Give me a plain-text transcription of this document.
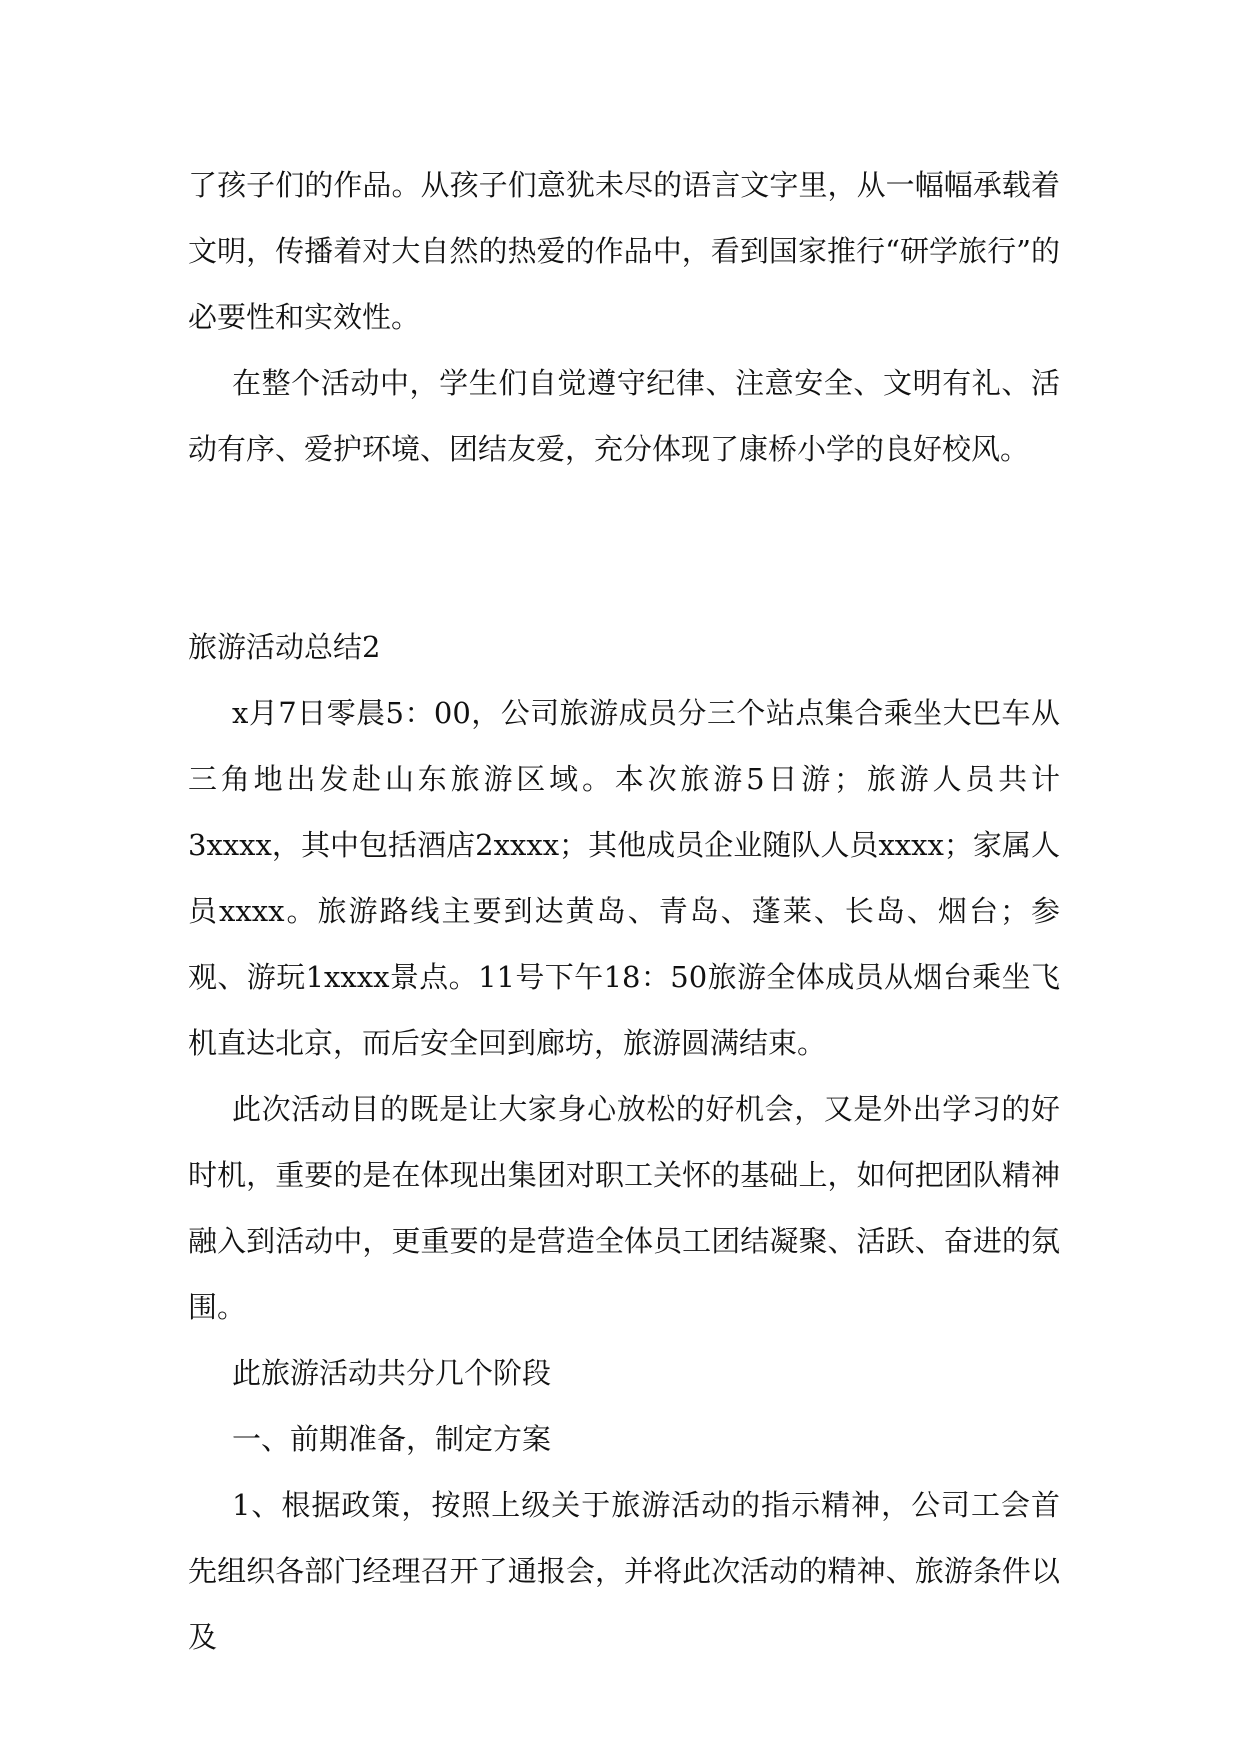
了孩子们的作品。从孩子们意犹未尽的语言文字里，从一幅幅承载着文明，传播着对大自然的热爱的作品中，看到国家推行“研学旅行”的必要性和实效性。

在整个活动中，学生们自觉遵守纪律、注意安全、文明有礼、活动有序、爱护环境、团结友爱，充分体现了康桥小学的良好校风。

旅游活动总结2

x月7日零晨5：00，公司旅游成员分三个站点集合乘坐大巴车从三角地出发赴山东旅游区域。本次旅游5日游；旅游人员共计3xxxx，其中包括酒店2xxxx；其他成员企业随队人员xxxx；家属人员xxxx。旅游路线主要到达黄岛、青岛、蓬莱、长岛、烟台；参观、游玩1xxxx景点。11号下午18：50旅游全体成员从烟台乘坐飞机直达北京，而后安全回到廊坊，旅游圆满结束。

此次活动目的既是让大家身心放松的好机会，又是外出学习的好时机，重要的是在体现出集团对职工关怀的基础上，如何把团队精神融入到活动中，更重要的是营造全体员工团结凝聚、活跃、奋进的氛围。

此旅游活动共分几个阶段

一、前期准备，制定方案

1、根据政策，按照上级关于旅游活动的指示精神，公司工会首先组织各部门经理召开了通报会，并将此次活动的精神、旅游条件以及
